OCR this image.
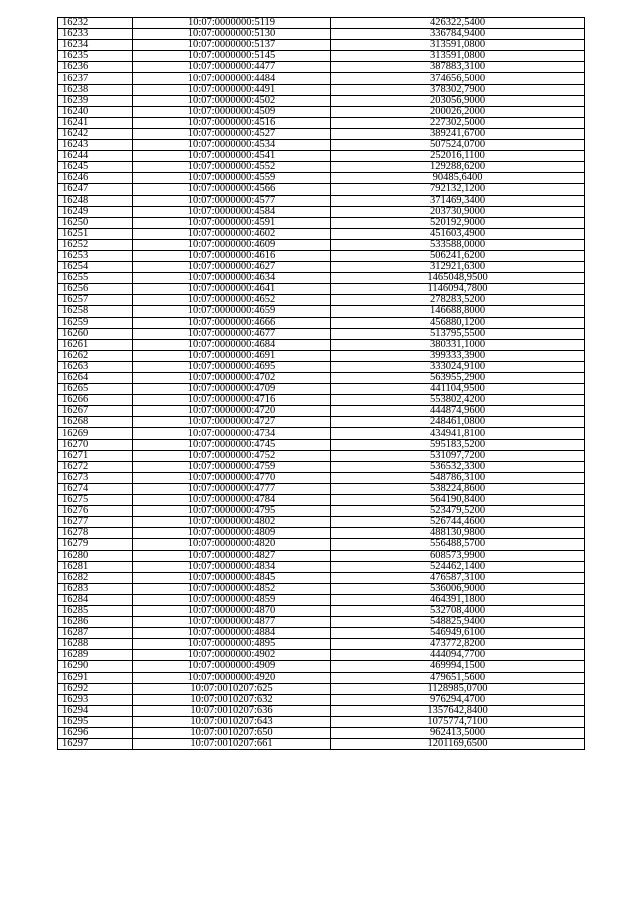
16232	10:07:0000000:5119	426322,5400
16233	10:07:0000000:5130	336784,9400
16234	10:07:0000000:5137	313591,0800
16235	10:07:0000000:5145	313591,0800
16236	10:07:0000000:4477	387883,3100
16237	10:07:0000000:4484	374656,5000
16238	10:07:0000000:4491	378302,7900
16239	10:07:0000000:4502	203056,9000
16240	10:07:0000000:4509	200026,2000
16241	10:07:0000000:4516	227302,5000
16242	10:07:0000000:4527	389241,6700
16243	10:07:0000000:4534	507524,0700
16244	10:07:0000000:4541	252016,1100
16245	10:07:0000000:4552	129288,6200
16246	10:07:0000000:4559	90485,6400
16247	10:07:0000000:4566	792132,1200
16248	10:07:0000000:4577	371469,3400
16249	10:07:0000000:4584	203730,9000
16250	10:07:0000000:4591	520192,9000
16251	10:07:0000000:4602	451603,4900
16252	10:07:0000000:4609	533588,0000
16253	10:07:0000000:4616	506241,6200
16254	10:07:0000000:4627	312921,6300
16255	10:07:0000000:4634	1465048,9500
16256	10:07:0000000:4641	1146094,7800
16257	10:07:0000000:4652	278283,5200
16258	10:07:0000000:4659	146688,8000
16259	10:07:0000000:4666	456880,1200
16260	10:07:0000000:4677	513795,5500
16261	10:07:0000000:4684	380331,1000
16262	10:07:0000000:4691	399333,3900
16263	10:07:0000000:4695	333024,9100
16264	10:07:0000000:4702	563955,2900
16265	10:07:0000000:4709	441104,9500
16266	10:07:0000000:4716	553802,4200
16267	10:07:0000000:4720	444874,9600
16268	10:07:0000000:4727	248461,0800
16269	10:07:0000000:4734	434941,8100
16270	10:07:0000000:4745	595183,5200
16271	10:07:0000000:4752	531097,7200
16272	10:07:0000000:4759	536532,3300
16273	10:07:0000000:4770	548786,3100
16274	10:07:0000000:4777	538224,8600
16275	10:07:0000000:4784	564190,8400
16276	10:07:0000000:4795	523479,5200
16277	10:07:0000000:4802	526744,4600
16278	10:07:0000000:4809	488130,9800
16279	10:07:0000000:4820	556488,5700
16280	10:07:0000000:4827	608573,9900
16281	10:07:0000000:4834	524462,1400
16282	10:07:0000000:4845	476587,3100
16283	10:07:0000000:4852	536006,9000
16284	10:07:0000000:4859	464391,1800
16285	10:07:0000000:4870	532708,4000
16286	10:07:0000000:4877	548825,9400
16287	10:07:0000000:4884	546949,6100
16288	10:07:0000000:4895	473772,8200
16289	10:07:0000000:4902	444094,7700
16290	10:07:0000000:4909	469994,1500
16291	10:07:0000000:4920	479651,5600
16292	10:07:0010207:625	1128985,0700
16293	10:07:0010207:632	976294,4700
16294	10:07:0010207:636	1357642,8400
16295	10:07:0010207:643	1075774,7100
16296	10:07:0010207:650	962413,5000
16297	10:07:0010207:661	1201169,6500
